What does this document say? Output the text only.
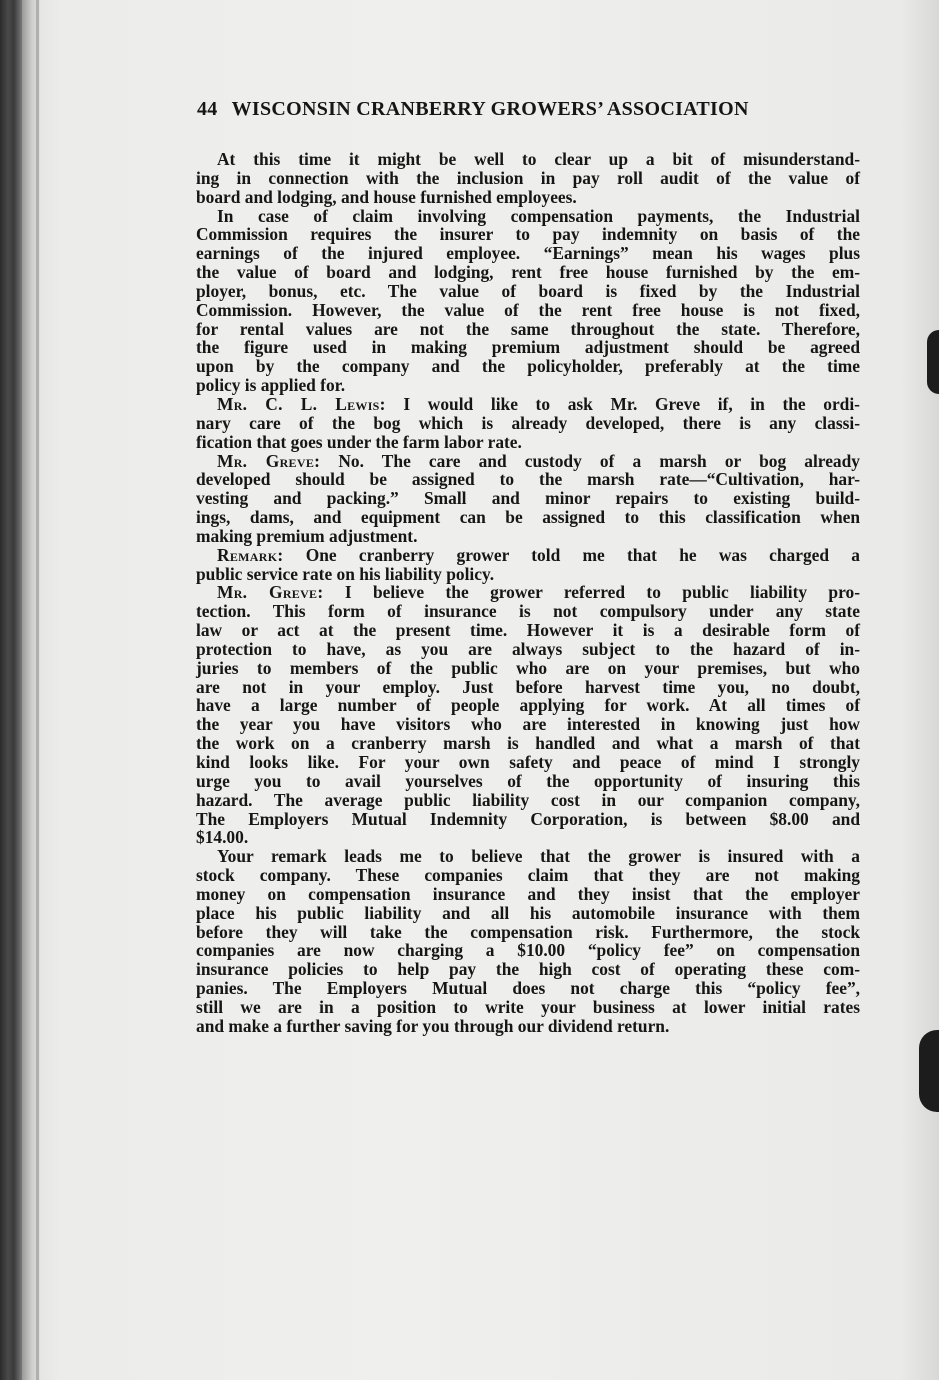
44 WISCONSIN CRANBERRY GROWERS’ ASSOCIATION
At this time it might be well to clear up a bit of misunderstand-
ing in connection with the inclusion in pay roll audit of the value of
board and lodging, and house furnished employees.
In case of claim involving compensation payments, the Industrial
Commission requires the insurer to pay indemnity on basis of the
earnings of the injured employee. “Earnings” mean his wages plus
the value of board and lodging, rent free house furnished by the em-
ployer, bonus, etc. The value of board is fixed by the Industrial
Commission. However, the value of the rent free house is not fixed,
for rental values are not the same throughout the state. Therefore,
the figure used in making premium adjustment should be agreed
upon by the company and the policyholder, preferably at the time
policy is applied for.
Mr. C. L. Lewis: I would like to ask Mr. Greve if, in the ordi-
nary care of the bog which is already developed, there is any classi-
fication that goes under the farm labor rate.
Mr. Greve: No. The care and custody of a marsh or bog already
developed should be assigned to the marsh rate—“Cultivation, har-
vesting and packing.” Small and minor repairs to existing build-
ings, dams, and equipment can be assigned to this classification when
making premium adjustment.
Remark: One cranberry grower told me that he was charged a
public service rate on his liability policy.
Mr. Greve: I believe the grower referred to public liability pro-
tection. This form of insurance is not compulsory under any state
law or act at the present time. However it is a desirable form of
protection to have, as you are always subject to the hazard of in-
juries to members of the public who are on your premises, but who
are not in your employ. Just before harvest time you, no doubt,
have a large number of people applying for work. At all times of
the year you have visitors who are interested in knowing just how
the work on a cranberry marsh is handled and what a marsh of that
kind looks like. For your own safety and peace of mind I strongly
urge you to avail yourselves of the opportunity of insuring this
hazard. The average public liability cost in our companion company,
The Employers Mutual Indemnity Corporation, is between $8.00 and
$14.00.
Your remark leads me to believe that the grower is insured with a
stock company. These companies claim that they are not making
money on compensation insurance and they insist that the employer
place his public liability and all his automobile insurance with them
before they will take the compensation risk. Furthermore, the stock
companies are now charging a $10.00 “policy fee” on compensation
insurance policies to help pay the high cost of operating these com-
panies. The Employers Mutual does not charge this “policy fee”,
still we are in a position to write your business at lower initial rates
and make a further saving for you through our dividend return.
